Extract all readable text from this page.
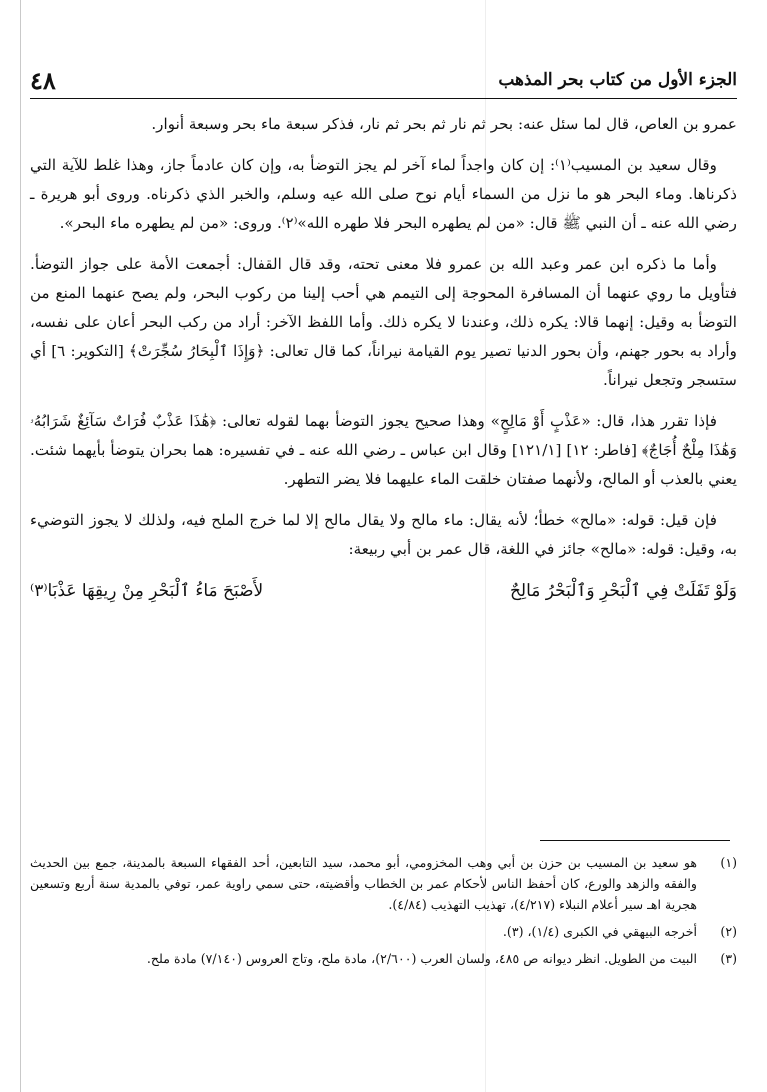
الجزء الأول من كتاب بحر المذهب
٤٨

عمرو بن العاص، قال لما سئل عنه: بحر ثم نار ثم بحر ثم نار، فذكر سبعة ماء بحر وسبعة أنوار.

وقال سعيد بن المسيب⁽١⁾: إن كان واجداً لماء آخر لم يجز التوضأ به، وإن كان عادماً جاز، وهذا غلط للآية التي ذكرناها. وماء البحر هو ما نزل من السماء أيام نوح صلى الله عيه وسلم، والخبر الذي ذكرناه. وروى أبو هريرة ـ رضي الله عنه ـ أن النبي ﷺ قال: «من لم يطهره البحر فلا طهره الله»⁽٢⁾. وروى: «من لم يطهره ماء البحر».

وأما ما ذكره ابن عمر وعبد الله بن عمرو فلا معنى تحته، وقد قال القفال: أجمعت الأمة على جواز التوضأ. فتأويل ما روي عنهما أن المسافرة المحوجة إلى التيمم هي أحب إلينا من ركوب البحر، ولم يصح عنهما المنع من التوضأ به وقيل: إنهما قالا: يكره ذلك، وعندنا لا يكره ذلك. وأما اللفظ الآخر: أراد من ركب البحر أعان على نفسه، وأراد به بحور جهنم، وأن بحور الدنيا تصير يوم القيامة نيراناً، كما قال تعالى: ﴿وَإِذَا ٱلْبِحَارُ سُجِّرَتْ﴾ [التكوير: ٦] أي ستسجر وتجعل نيراناً.

فإذا تقرر هذا، قال: «عَذْبٍ أَوْ مَالِحٍ» وهذا صحيح يجوز التوضأ بهما لقوله تعالى: ﴿هَٰذَا عَذْبٌ فُرَاتٌ سَآئِغٌ شَرَابُهُۥ وَهَٰذَا مِلْحٌ أُجَاجٌ﴾ [فاطر: ١٢] [١٢١/١] وقال ابن عباس ـ رضي الله عنه ـ في تفسيره: هما بحران يتوضأ بأيهما شئت. يعني بالعذب أو المالح، ولأنهما صفتان خلقت الماء عليهما فلا يضر التطهر.

فإن قيل: قوله: «مالح» خطأ؛ لأنه يقال: ماء مالح ولا يقال مالح إلا لما خرج الملح فيه، ولذلك لا يجوز التوضيء به، وقيل: قوله: «مالح» جائز في اللغة، قال عمر بن أبي ربيعة:

وَلَوْ تَفَلَتْ فِي ٱلْبَحْرِ وَٱلْبَحْرُ مَالِحٌ
لأَصْبَحَ مَاءُ ٱلْبَحْرِ مِنْ رِيقِهَا عَذْبَا⁽٣⁾
(١)
هو سعيد بن المسيب بن حزن بن أبي وهب المخزومي، أبو محمد، سيد التابعين، أحد الفقهاء السبعة بالمدينة، جمع بين الحديث والفقه والزهد والورع، كان أحفظ الناس لأحكام عمر بن الخطاب وأقضيته، حتى سمي راوية عمر، توفي بالمدية سنة أربع وتسعين هجرية اهـ سير أعلام النبلاء (٤/٢١٧)، تهذيب التهذيب (٤/٨٤).
(٢)
أخرجه البيهقي في الكبرى (١/٤)، (٣).
(٣)
البيت من الطويل. انظر ديوانه ص ٤٨٥، ولسان العرب (٢/٦٠٠)، مادة ملح، وتاج العروس (٧/١٤٠) مادة ملح.
